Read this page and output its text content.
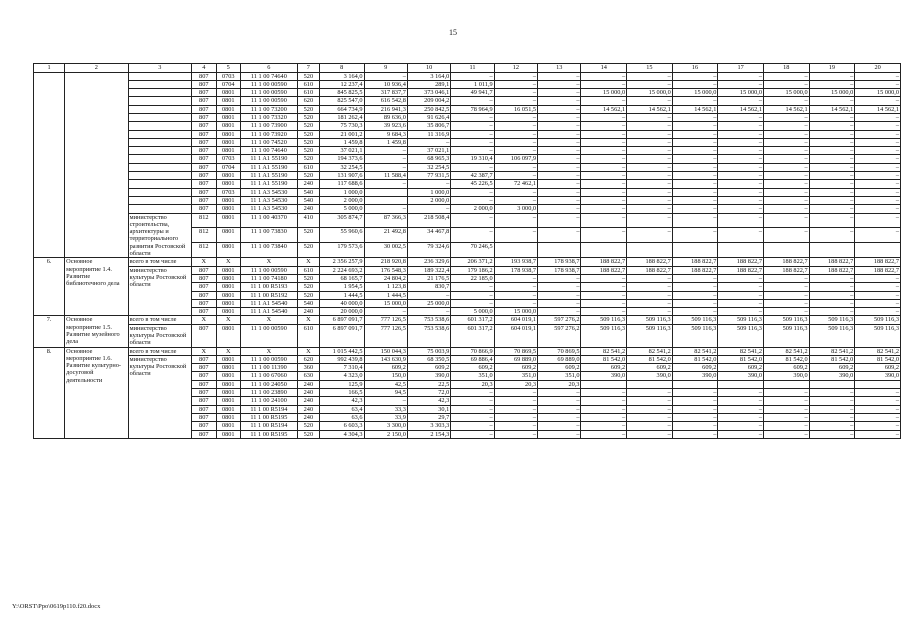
15
1	2	3	4	5	6	7	8	9	10	11	12	13	14	15	16	17	18	19	20
			807	0703	11 1 00 74640	520	3 164,0	–	3 164,0	–	–	–	–	–	–	–	–	–	–
			807	0704	11 1 00 00590	610	12 237,4	10 936,4	289,1	1 011,9	–	–	–	–	–	–	–	–	–
			807	0801	11 1 00 00590	610	845 825,5	317 837,7	373 046,1	49 941,7	–	–	15 000,0	15 000,0	15 000,0	15 000,0	15 000,0	15 000,0	15 000,0
			807	0801	11 1 00 00590	620	825 547,0	616 542,8	209 004,2	–	–	–	–	–	–	–	–	–	–
			807	0801	11 1 00 73200	520	664 734,9	216 941,3	250 842,5	78 964,9	16 051,5	–	14 562,1	14 562,1	14 562,1	14 562,1	14 562,1	14 562,1	14 562,1
			807	0801	11 1 00 73320	520	181 262,4	89 636,0	91 626,4	–	–	–	–	–	–	–	–	–	–
			807	0801	11 1 00 73900	520	75 730,3	39 923,6	35 806,7	–	–	–	–	–	–	–	–	–	–
			807	0801	11 1 00 73920	520	21 001,2	9 684,3	11 316,9	–	–	–	–	–	–	–	–	–	–
			807	0801	11 1 00 74520	520	1 459,8	1 459,8	–	–	–	–	–	–	–	–	–	–	–
			807	0801	11 1 00 74640	520	37 021,1	–	37 021,1	–	–	–	–	–	–	–	–	–	–
			807	0703	11 1 A1 55190	520	194 373,6	–	68 965,3	19 310,4	106 097,9	–	–	–	–	–	–	–	–
			807	0704	11 1 A1 55190	610	32 254,5	–	32 254,5	–	–	–	–	–	–	–	–	–	–
			807	0801	11 1 A1 55190	520	131 907,6	11 588,4	77 931,5	42 387,7	–	–	–	–	–	–	–	–	–
			807	0801	11 1 A1 55190	240	117 688,6	–	–	45 226,5	72 462,1	–	–	–	–	–	–	–	–
			807	0703	11 1 A3 54530	540	1 000,0		1 000,0	–	–	–	–	–	–	–	–	–	–
			807	0801	11 1 A3 54530	540	2 000,0		2 000,0	–	–	–	–	–	–	–	–	–	–
			807	0801	11 1 A3 54530	240	5 000,0	–	–	2 000,0	3 000,0	–	–	–	–	–	–	–	–
		министерство строительства, архитектуры и территориального развития Ростовской области	812	0801	11 1 00 40370	410	305 874,7	87 366,3	218 508,4	–	–	–	–	–	–	–	–	–	–
			812	0801	11 1 00 73830	520	55 960,6	21 492,8	34 467,8	–	–	–	–	–	–	–	–	–	–
			812	0801	11 1 00 73840	520	179 573,6	30 002,5	79 324,6	70 246,5									
6.	Основное мероприятие 1.4. Развитие библиотечного дела	всего в том числе	Х	Х	Х	Х	2 356 257,9	218 920,8	236 329,6	206 371,2	193 938,7	178 938,7	188 822,7	188 822,7	188 822,7	188 822,7	188 822,7	188 822,7	188 822,7
		министерство культуры Ростовской области	807	0801	11 1 00 00590	610	2 224 693,2	176 548,3	189 322,4	179 186,2	178 938,7	178 938,7	188 822,7	188 822,7	188 822,7	188 822,7	188 822,7	188 822,7	188 822,7
			807	0801	11 1 00 74180	520	68 165,7	24 804,2	21 176,5	22 185,0	–	–	–	–	–	–	–	–	–
			807	0801	11 1 00 R5193	520	1 954,5	1 123,8	830,7	–	–	–	–	–	–	–	–	–	–
			807	0801	11 1 00 R5192	520	1 444,5	1 444,5	–	–	–	–	–	–	–	–	–	–	–
			807	0801	11 1 A1 54540	540	40 000,0	15 000,0	25 000,0	–	–	–	–	–	–	–	–	–	–
			807	0801	11 1 A1 54540	240	20 000,0	–	–	5 000,0	15 000,0	–	–	–	–	–	–	–	–
7.	Основное мероприятие 1.5. Развитие музейного дела	всего в том числе	Х	Х	Х	Х	6 897 091,7	777 126,5	753 538,6	601 317,2	604 019,1	597 276,2	509 116,3	509 116,3	509 116,3	509 116,3	509 116,3	509 116,3	509 116,3
		министерство культуры Ростовской области	807	0801	11 1 00 00590	610	6 897 091,7	777 126,5	753 538,6	601 317,2	604 019,1	597 276,2	509 116,3	509 116,3	509 116,3	509 116,3	509 116,3	509 116,3	509 116,3
8.	Основное мероприятие 1.6. Развитие культурно-досуговой деятельности	всего в том числе	Х	Х	Х	Х	1 015 442,5	150 044,3	75 003,9	70 866,9	70 869,5	70 869,5	82 541,2	82 541,2	82 541,2	82 541,2	82 541,2	82 541,2	82 541,2
		министерство культуры Ростовской области	807	0801	11 1 00 00590	620	992 439,8	143 630,9	68 350,5	69 886,4	69 889,0	69 889,0	81 542,0	81 542,0	81 542,0	81 542,0	81 542,0	81 542,0	81 542,0
			807	0801	11 1 00 11390	360	7 310,4	609,2	609,2	609,2	609,2	609,2	609,2	609,2	609,2	609,2	609,2	609,2	609,2
			807	0801	11 1 00 67060	630	4 323,0	150,0	390,0	351,0	351,0	351,0	390,0	390,0	390,0	390,0	390,0	390,0	390,0
			807	0801	11 1 00 24050	240	125,9	42,5	22,5	20,3	20,3	20,3							
			807	0801	11 1 00 23890	240	166,5	94,5	72,0	–	–	–	–	–	–	–	–	–	–
			807	0801	11 1 00 24100	240	42,3	–	42,3	–	–	–	–	–	–	–	–	–	–
			807	0801	11 1 00 R5194	240	63,4	33,3	30,1	–	–	–	–	–	–	–	–	–	–
			807	0801	11 1 00 R5195	240	63,6	33,9	29,7	–	–	–	–	–	–	–	–	–	–
			807	0801	11 1 00 R5194	520	6 603,3	3 300,0	3 303,3	–	–	–	–	–	–	–	–	–	–
			807	0801	11 1 00 R5195	520	4 304,3	2 150,0	2 154,3	–	–	–	–	–	–	–	–	–	–
Y:\ORST\Ppo\0619p110.f20.docx
